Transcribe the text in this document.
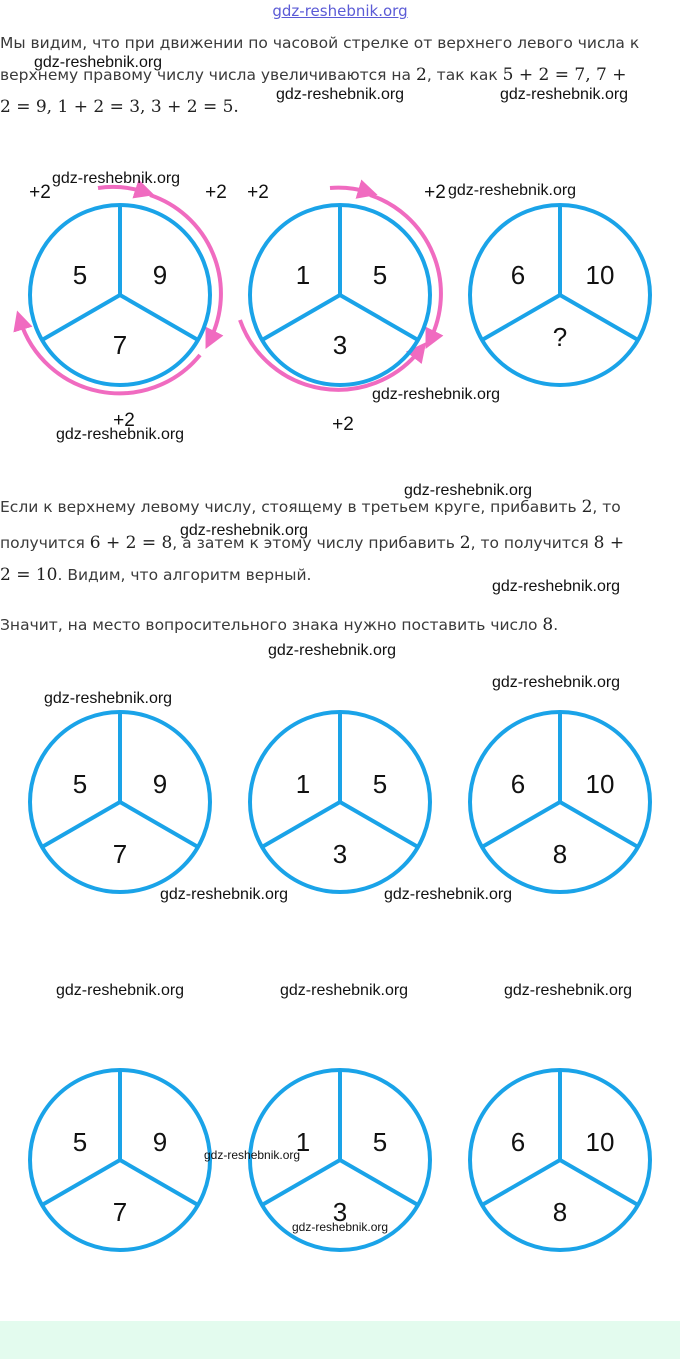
gdz-reshebnik.org
Мы видим, что при движении по часовой стрелке от верхнего левого числа к
верхнему правому числу числа увеличиваются на 2, так как 5 + 2 = 7, 7 +
2 = 9, 1 + 2 = 3, 3 + 2 = 5.
5	9
7
1 5
3
6 10
?
+2	+2
+2
+2	+2
+2
Если к верхнему левому числу, стоящему в третьем круге, прибавить 2, то
получится 6 + 2 = 8, а затем к этому числу прибавить 2, то получится 8 +
2 = 10. Видим, что алгоритм верный.
Значит, на место вопросительного знака нужно поставить число 8.
5	9
7
1 5
3
6 10
8
5	9
7
1 5
3
6 10
8
gdz-reshebnik.org
gdz-reshebnik.org	gdz-reshebnik.org
gdz-reshebnik.org
gdz-reshebnik.org
gdz-reshebnik.org
gdz-reshebnik.org
gdz-reshebnik.org
gdz-reshebnik.org
gdz-reshebnik.org
gdz-reshebnik.org
gdz-reshebnik.org
gdz-reshebnik.org
gdz-reshebnik.org	gdz-reshebnik.org
gdz-reshebnik.org	gdz-reshebnik.org	gdz-reshebnik.org
gdz-reshebnik.org
gdz-reshebnik.org
